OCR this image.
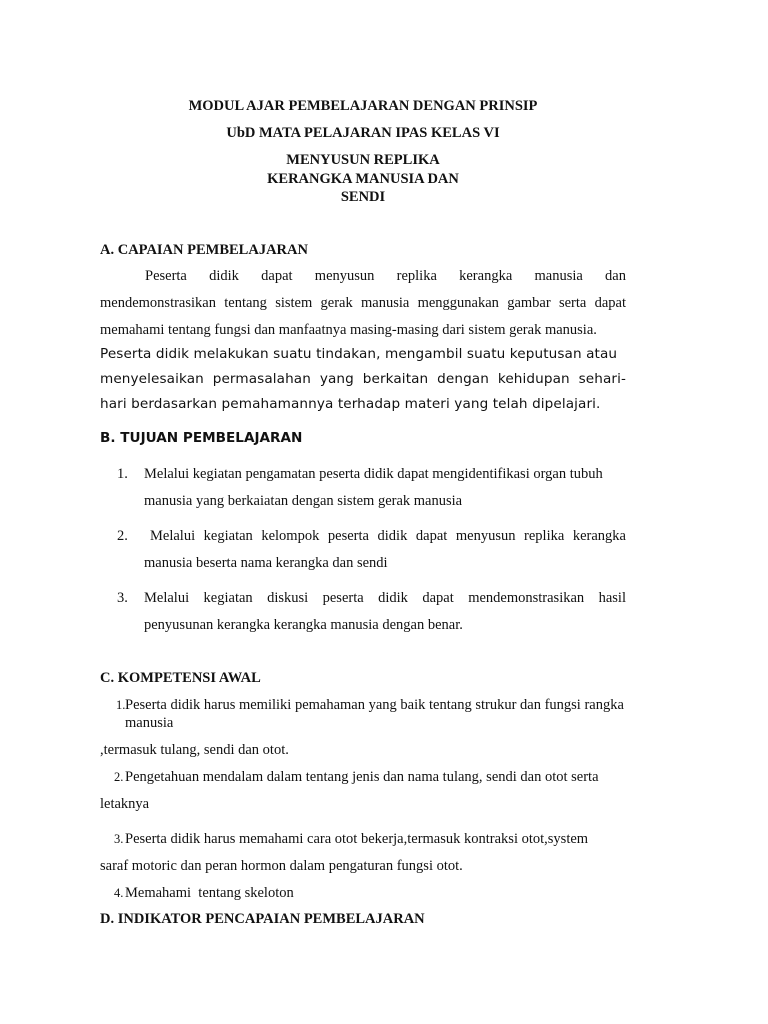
MODUL AJAR PEMBELAJARAN DENGAN PRINSIP
UbD MATA PELAJARAN IPAS KELAS VI
MENYUSUN REPLIKA
KERANGKA MANUSIA DAN
SENDI
A. CAPAIAN PEMBELAJARAN
Peserta didik dapat menyusun replika kerangka manusia dan
mendemonstrasikan tentang sistem gerak manusia menggunakan gambar serta dapat
memahami tentang fungsi dan manfaatnya masing-masing dari sistem gerak manusia.
Peserta didik melakukan suatu tindakan, mengambil suatu keputusan atau
menyelesaikan permasalahan yang berkaitan dengan kehidupan sehari-
hari berdasarkan pemahamannya terhadap materi yang telah dipelajari.
B. TUJUAN PEMBELAJARAN
1. Melalui kegiatan pengamatan peserta didik dapat mengidentifikasi organ tubuh
manusia yang berkaiatan dengan sistem gerak manusia
2. Melalui kegiatan kelompok peserta didik dapat menyusun replika kerangka
manusia beserta nama kerangka dan sendi
3. Melalui kegiatan diskusi peserta didik dapat mendemonstrasikan hasil
penyusunan kerangka kerangka manusia dengan benar.
C. KOMPETENSI AWAL
1. Peserta didik harus memiliki pemahaman yang baik tentang strukur dan fungsi rangka
manusia
,termasuk tulang, sendi dan otot.
2. Pengetahuan mendalam dalam tentang jenis dan nama tulang, sendi dan otot serta
letaknya
3. Peserta didik harus memahami cara otot bekerja,termasuk kontraksi otot,system
saraf motoric dan peran hormon dalam pengaturan fungsi otot.
4. Memahami  tentang skeloton
D. INDIKATOR PENCAPAIAN PEMBELAJARAN
